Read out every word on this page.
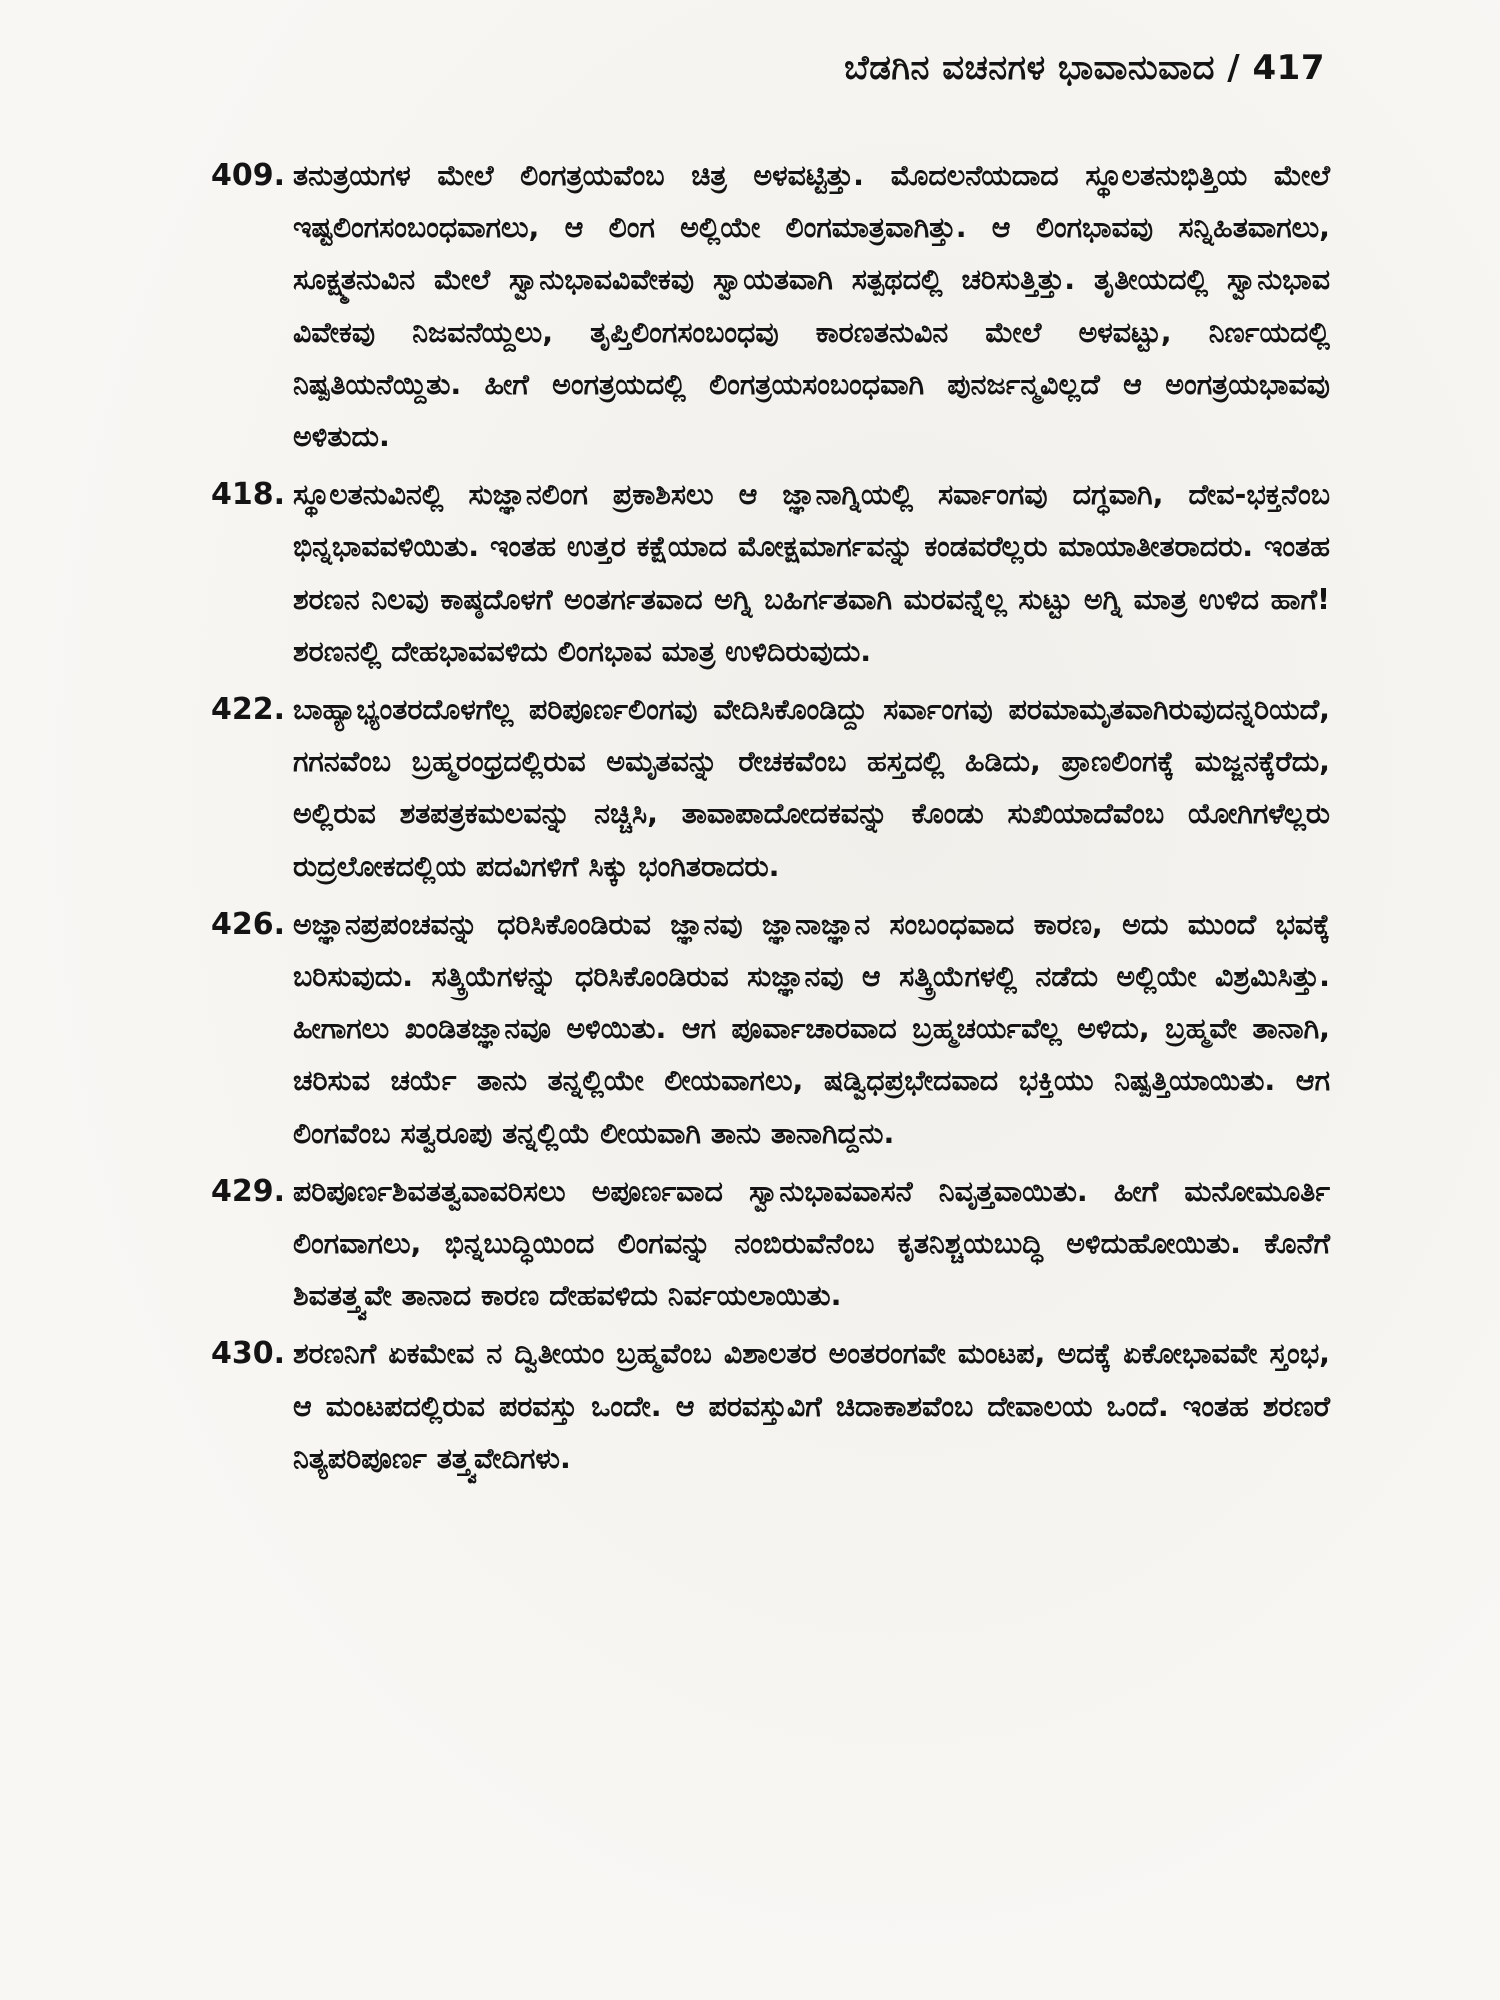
ಬೆಡಗಿನ ವಚನಗಳ ಭಾವಾನುವಾದ / 417
409. ತನುತ್ರಯಗಳ ಮೇಲೆ ಲಿಂಗತ್ರಯವೆಂಬ ಚಿತ್ರ ಅಳವಟ್ಟಿತ್ತು. ಮೊದಲನೆಯದಾದ ಸ್ಥೂಲತನುಭಿತ್ತಿಯ ಮೇಲೆ ಇಷ್ಟಲಿಂಗಸಂಬಂಧವಾಗಲು, ಆ ಲಿಂಗ ಅಲ್ಲಿಯೇ ಲಿಂಗಮಾತ್ರವಾಗಿತ್ತು. ಆ ಲಿಂಗಭಾವವು ಸನ್ನಿಹಿತವಾಗಲು, ಸೂಕ್ಷ್ಮತನುವಿನ ಮೇಲೆ ಸ್ವಾನುಭಾವವಿವೇಕವು ಸ್ವಾಯತವಾಗಿ ಸತ್ಪಥದಲ್ಲಿ ಚರಿಸುತ್ತಿತ್ತು. ತೃತೀಯದಲ್ಲಿ ಸ್ವಾನುಭಾವ ವಿವೇಕವು ನಿಜವನೆಯ್ದಲು, ತೃಪ್ತಿಲಿಂಗಸಂಬಂಧವು ಕಾರಣತನುವಿನ ಮೇಲೆ ಅಳವಟ್ಟು, ನಿರ್ಣಯದಲ್ಲಿ ನಿಷ್ಪತಿಯನೆಯ್ದಿತು. ಹೀಗೆ ಅಂಗತ್ರಯದಲ್ಲಿ ಲಿಂಗತ್ರಯಸಂಬಂಧವಾಗಿ ಪುನರ್ಜನ್ಮವಿಲ್ಲದೆ ಆ ಅಂಗತ್ರಯಭಾವವು ಅಳಿತುದು.
418. ಸ್ಥೂಲತನುವಿನಲ್ಲಿ ಸುಜ್ಞಾನಲಿಂಗ ಪ್ರಕಾಶಿಸಲು ಆ ಜ್ಞಾನಾಗ್ನಿಯಲ್ಲಿ ಸರ್ವಾಂಗವು ದಗ್ಧವಾಗಿ, ದೇವ-ಭಕ್ತನೆಂಬ ಭಿನ್ನಭಾವವಳಿಯಿತು. ಇಂತಹ ಉತ್ತರ ಕಕ್ಷೆಯಾದ ಮೋಕ್ಷಮಾರ್ಗವನ್ನು ಕಂಡವರೆಲ್ಲರು ಮಾಯಾತೀತರಾದರು. ಇಂತಹ ಶರಣನ ನಿಲವು ಕಾಷ್ಠದೊಳಗೆ ಅಂತರ್ಗತವಾದ ಅಗ್ನಿ ಬಹಿರ್ಗತವಾಗಿ ಮರವನ್ನೆಲ್ಲ ಸುಟ್ಟು ಅಗ್ನಿ ಮಾತ್ರ ಉಳಿದ ಹಾಗೆ! ಶರಣನಲ್ಲಿ ದೇಹಭಾವವಳಿದು ಲಿಂಗಭಾವ ಮಾತ್ರ ಉಳಿದಿರುವುದು.
422. ಬಾಹ್ಯಾಭ್ಯಂತರದೊಳಗೆಲ್ಲ ಪರಿಪೂರ್ಣಲಿಂಗವು ವೇದಿಸಿಕೊಂಡಿದ್ದು ಸರ್ವಾಂಗವು ಪರಮಾಮೃತವಾಗಿರುವುದನ್ನರಿಯದೆ, ಗಗನವೆಂಬ ಬ್ರಹ್ಮರಂಧ್ರದಲ್ಲಿರುವ ಅಮೃತವನ್ನು ರೇಚಕವೆಂಬ ಹಸ್ತದಲ್ಲಿ ಹಿಡಿದು, ಪ್ರಾಣಲಿಂಗಕ್ಕೆ ಮಜ್ಜನಕ್ಕೆರೆದು, ಅಲ್ಲಿರುವ ಶತಪತ್ರಕಮಲವನ್ನು ನಚ್ಚಿಸಿ, ತಾವಾಪಾದೋದಕವನ್ನು ಕೊಂಡು ಸುಖಿಯಾದೆವೆಂಬ ಯೋಗಿಗಳೆಲ್ಲರು ರುದ್ರಲೋಕದಲ್ಲಿಯ ಪದವಿಗಳಿಗೆ ಸಿಕ್ಕು ಭಂಗಿತರಾದರು.
426. ಅಜ್ಞಾನಪ್ರಪಂಚವನ್ನು ಧರಿಸಿಕೊಂಡಿರುವ ಜ್ಞಾನವು ಜ್ಞಾನಾಜ್ಞಾನ ಸಂಬಂಧವಾದ ಕಾರಣ, ಅದು ಮುಂದೆ ಭವಕ್ಕೆ ಬರಿಸುವುದು. ಸತ್ಕ್ರಿಯೆಗಳನ್ನು ಧರಿಸಿಕೊಂಡಿರುವ ಸುಜ್ಞಾನವು ಆ ಸತ್ಕ್ರಿಯೆಗಳಲ್ಲಿ ನಡೆದು ಅಲ್ಲಿಯೇ ವಿಶ್ರಮಿಸಿತ್ತು. ಹೀಗಾಗಲು ಖಂಡಿತಜ್ಞಾನವೂ ಅಳಿಯಿತು. ಆಗ ಪೂರ್ವಾಚಾರವಾದ ಬ್ರಹ್ಮಚರ್ಯವೆಲ್ಲ ಅಳಿದು, ಬ್ರಹ್ಮವೇ ತಾನಾಗಿ, ಚರಿಸುವ ಚರ್ಯೆ ತಾನು ತನ್ನಲ್ಲಿಯೇ ಲೀಯವಾಗಲು, ಷಡ್ವಿಧಪ್ರಭೇದವಾದ ಭಕ್ತಿಯು ನಿಷ್ಪತ್ತಿಯಾಯಿತು. ಆಗ ಲಿಂಗವೆಂಬ ಸತ್ವರೂಪು ತನ್ನಲ್ಲಿಯೆ ಲೀಯವಾಗಿ ತಾನು ತಾನಾಗಿದ್ದನು.
429. ಪರಿಪೂರ್ಣಶಿವತತ್ವವಾವರಿಸಲು ಅಪೂರ್ಣವಾದ ಸ್ವಾನುಭಾವವಾಸನೆ ನಿವೃತ್ತವಾಯಿತು. ಹೀಗೆ ಮನೋಮೂರ್ತಿ ಲಿಂಗವಾಗಲು, ಭಿನ್ನಬುದ್ಧಿಯಿಂದ ಲಿಂಗವನ್ನು ನಂಬಿರುವೆನೆಂಬ ಕೃತನಿಶ್ಚಯಬುದ್ಧಿ ಅಳಿದುಹೋಯಿತು. ಕೊನೆಗೆ ಶಿವತತ್ತ್ವವೇ ತಾನಾದ ಕಾರಣ ದೇಹವಳಿದು ನಿರ್ವಯಲಾಯಿತು.
430. ಶರಣನಿಗೆ ಏಕಮೇವ ನ ದ್ವಿತೀಯಂ ಬ್ರಹ್ಮವೆಂಬ ವಿಶಾಲತರ ಅಂತರಂಗವೇ ಮಂಟಪ, ಅದಕ್ಕೆ ಏಕೋಭಾವವೇ ಸ್ತಂಭ, ಆ ಮಂಟಪದಲ್ಲಿರುವ ಪರವಸ್ತು ಒಂದೇ. ಆ ಪರವಸ್ತುವಿಗೆ ಚಿದಾಕಾಶವೆಂಬ ದೇವಾಲಯ ಒಂದೆ. ಇಂತಹ ಶರಣರೆ ನಿತ್ಯಪರಿಪೂರ್ಣ ತತ್ತ್ವವೇದಿಗಳು.
